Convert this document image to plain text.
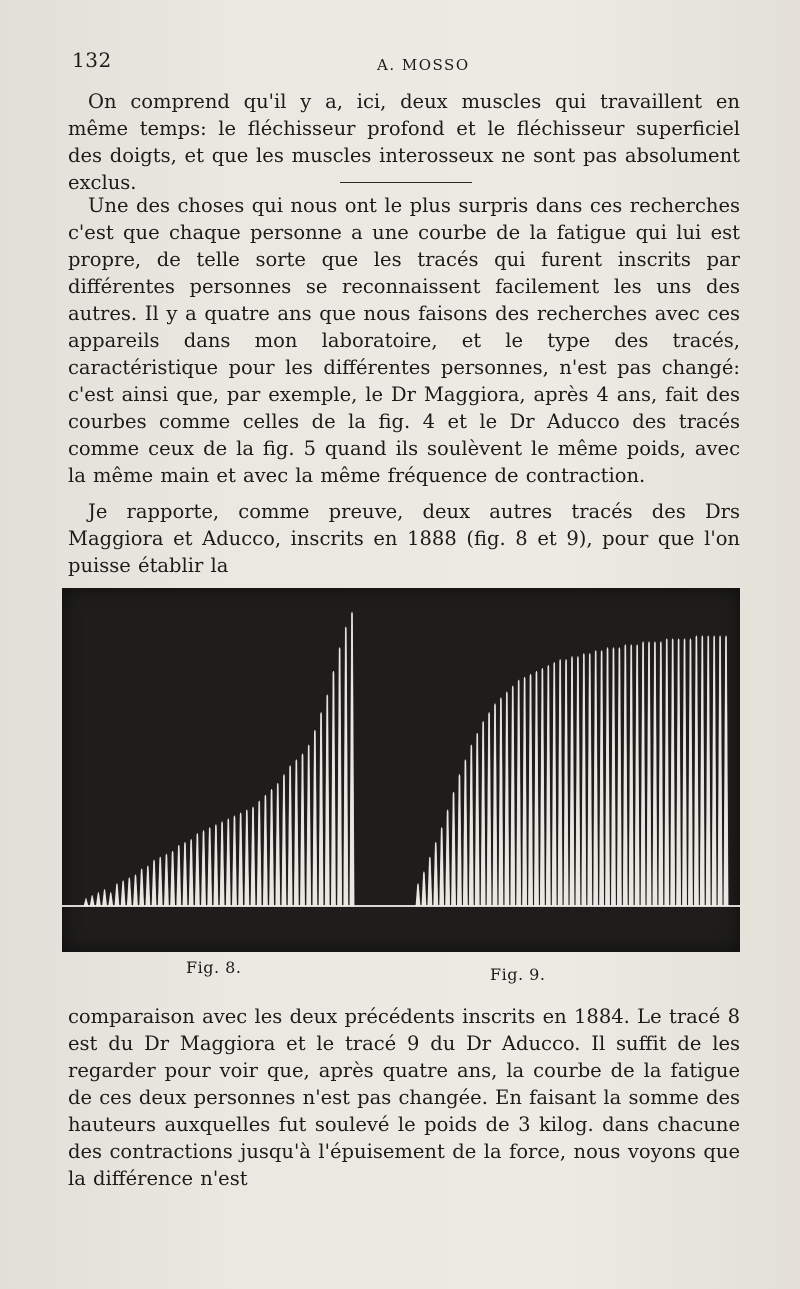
132	A. MOSSO

On comprend qu'il y a, ici, deux muscles qui travaillent en même temps: le fléchisseur profond et le fléchisseur superficiel des doigts, et que les muscles interosseux ne sont pas absolument exclus.

Une des choses qui nous ont le plus surpris dans ces recherches c'est que chaque personne a une courbe de la fatigue qui lui est propre, de telle sorte que les tracés qui furent inscrits par différentes personnes se reconnaissent facilement les uns des autres. Il y a quatre ans que nous faisons des recherches avec ces appareils dans mon laboratoire, et le type des tracés, caractéristique pour les différentes personnes, n'est pas changé: c'est ainsi que, par exemple, le Dr Maggiora, après 4 ans, fait des courbes comme celles de la fig. 4 et le Dr Aducco des tracés comme ceux de la fig. 5 quand ils soulèvent le même poids, avec la même main et avec la même fréquence de contraction.

Je rapporte, comme preuve, deux autres tracés des Drs Maggiora et Aducco, inscrits en 1888 (fig. 8 et 9), pour que l'on puisse établir la

Fig. 8.	Fig. 9.

comparaison avec les deux précédents inscrits en 1884. Le tracé 8 est du Dr Maggiora et le tracé 9 du Dr Aducco. Il suffit de les regarder pour voir que, après quatre ans, la courbe de la fatigue de ces deux personnes n'est pas changée. En faisant la somme des hauteurs auxquelles fut soulevé le poids de 3 kilog. dans chacune des contractions jusqu'à l'épuisement de la force, nous voyons que la différence n'est
